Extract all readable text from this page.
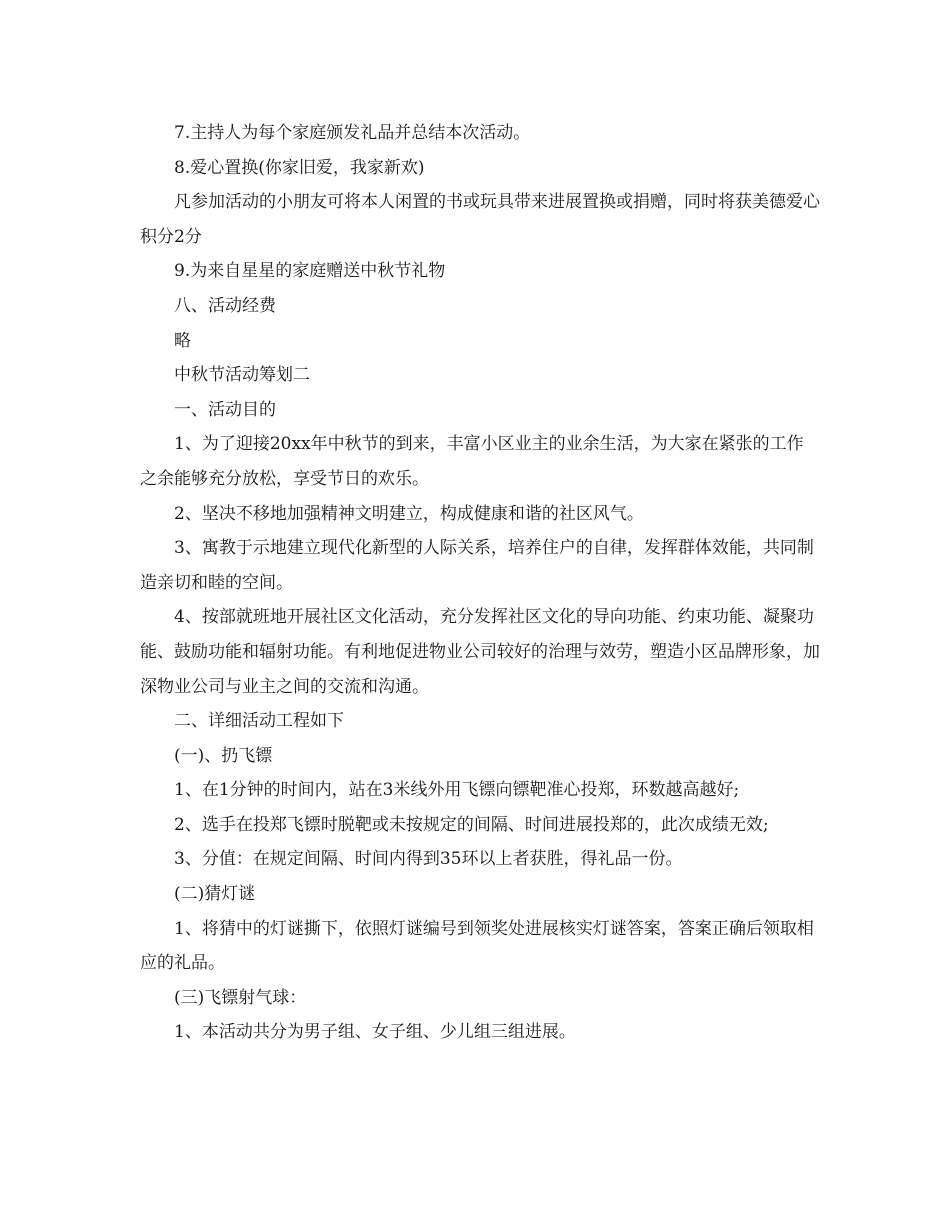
7.主持人为每个家庭颁发礼品并总结本次活动。

8.爱心置换(你家旧爱，我家新欢)

凡参加活动的小朋友可将本人闲置的书或玩具带来进展置换或捐赠，同时将获美德爱心积分2分

9.为来自星星的家庭赠送中秋节礼物

八、活动经费

略

中秋节活动筹划二

一、活动目的

1、为了迎接20xx年中秋节的到来，丰富小区业主的业余生活，为大家在紧张的工作之余能够充分放松，享受节日的欢乐。

2、坚决不移地加强精神文明建立，构成健康和谐的社区风气。

3、寓教于示地建立现代化新型的人际关系，培养住户的自律，发挥群体效能，共同制造亲切和睦的空间。

4、按部就班地开展社区文化活动，充分发挥社区文化的导向功能、约束功能、凝聚功能、鼓励功能和辐射功能。有利地促进物业公司较好的治理与效劳，塑造小区品牌形象，加深物业公司与业主之间的交流和沟通。

二、详细活动工程如下

(一)、扔飞镖

1、在1分钟的时间内，站在3米线外用飞镖向镖靶准心投郑，环数越高越好;

2、选手在投郑飞镖时脱靶或未按规定的间隔、时间进展投郑的，此次成绩无效;

3、分值：在规定间隔、时间内得到35环以上者获胜，得礼品一份。

(二)猜灯谜

1、将猜中的灯谜撕下，依照灯谜编号到领奖处进展核实灯谜答案，答案正确后领取相应的礼品。

(三)飞镖射气球：

1、本活动共分为男子组、女子组、少儿组三组进展。
